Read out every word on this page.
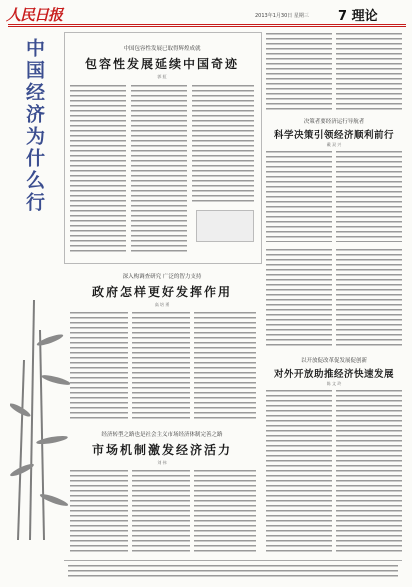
人民日报	2013年1月30日 星期三 7 理论
中国经济为什么行	中国包容性发展已取得辉煌成就
包容性发展延续中国奇迹
郭 虹
决策者要经济运行导航者
科学决策引领经济顺利前行
戴 双 兴
深入构调查研究 广泛的智力支持
政府怎样更好发挥作用
高 培 勇
以开放促改革促发展促创新
对外开放助推经济快速发展
陈 文 玲
经济转型之路也是社会主义市场经济体制完善之路
市场机制激发经济活力
刘 伟
